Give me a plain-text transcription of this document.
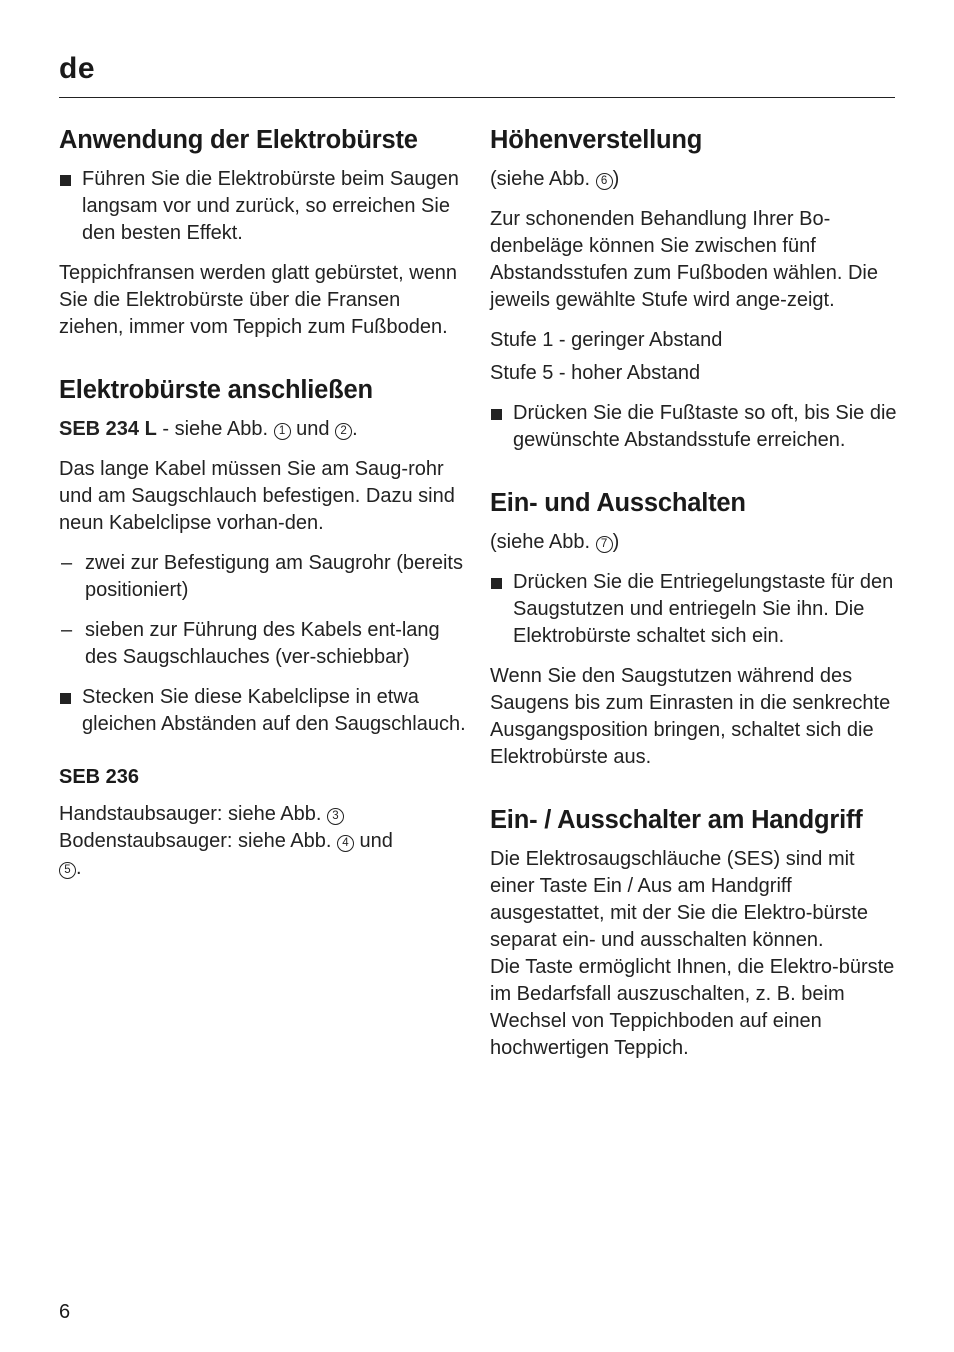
de
Anwendung der Elektrobürste
Führen Sie die Elektrobürste beim Saugen langsam vor und zurück, so erreichen Sie den besten Effekt.

Teppichfransen werden glatt gebürstet, wenn Sie die Elektrobürste über die Fransen ziehen, immer vom Teppich zum Fußboden.

Elektrobürste anschließen

SEB 234 L - siehe Abb. 1 und 2 .

Das lange Kabel müssen Sie am Saug-rohr und am Saugschlauch befestigen. Dazu sind neun Kabelclipse vorhan-den.

– zwei zur Befestigung am Saugrohr (bereits positioniert)
– sieben zur Führung des Kabels ent-lang des Saugschlauches (ver-schiebbar)
Stecken Sie diese Kabelclipse in etwa gleichen Abständen auf den Saugschlauch.
SEB 236

Handstaubsauger: siehe Abb. 3
Bodenstaubsauger: siehe Abb. 4 und
5 .

Höhenverstellung

(siehe Abb. 6 )

Zur schonenden Behandlung Ihrer Bo-denbeläge können Sie zwischen fünf Abstandsstufen zum Fußboden wählen. Die jeweils gewählte Stufe wird ange-zeigt.

Stufe 1 - geringer Abstand

Stufe 5 - hoher Abstand

Drücken Sie die Fußtaste so oft, bis Sie die gewünschte Abstandsstufe erreichen.
Ein- und Ausschalten

(siehe Abb. 7 )

Drücken Sie die Entriegelungstaste für den Saugstutzen und entriegeln Sie ihn. Die Elektrobürste schaltet sich ein.

Wenn Sie den Saugstutzen während des Saugens bis zum Einrasten in die senkrechte Ausgangsposition bringen, schaltet sich die Elektrobürste aus.

Ein- / Ausschalter am Handgriff

Die Elektrosaugschläuche (SES) sind mit einer Taste Ein / Aus am Handgriff ausgestattet, mit der Sie die Elektro-bürste separat ein- und ausschalten können.

Die Taste ermöglicht Ihnen, die Elektro-bürste im Bedarfsfall auszuschalten, z. B. beim Wechsel von Teppichboden auf einen hochwertigen Teppich.

6
